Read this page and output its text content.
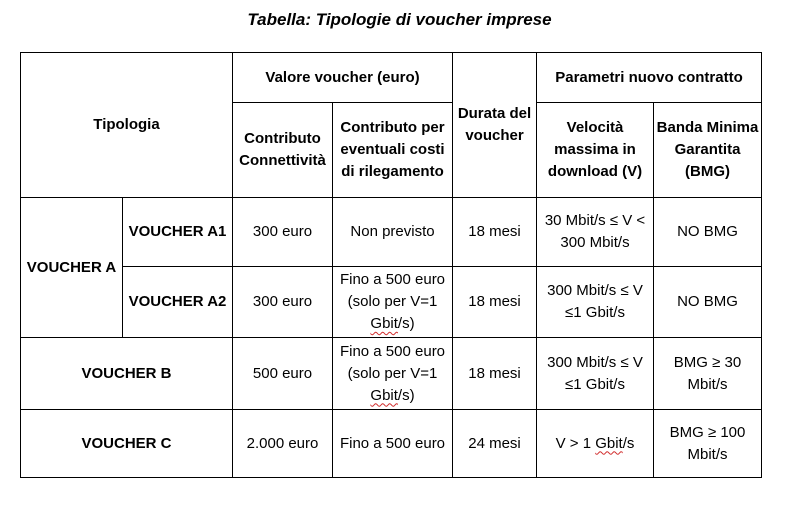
Tabella: Tipologie di voucher imprese
Tipologia		Valore voucher (euro)		Durata del voucher	Parametri nuovo contratto	
		Contributo Connettività	Contributo per eventuali costi di rilegamento		Velocità massima in download (V)	Banda Minima Garantita (BMG)
VOUCHER A	VOUCHER A1	300 euro	Non previsto	18 mesi	30 Mbit/s ≤ V < 300 Mbit/s	NO BMG
	VOUCHER A2	300 euro	Fino a 500 euro (solo per V=1 Gbit/s)	18 mesi	300 Mbit/s ≤ V ≤1 Gbit/s	NO BMG
VOUCHER B		500 euro	Fino a 500 euro (solo per V=1 Gbit/s)	18 mesi	300 Mbit/s ≤ V ≤1 Gbit/s	BMG ≥ 30 Mbit/s
VOUCHER C		2.000 euro	Fino a 500 euro	24 mesi	V > 1 Gbit/s	BMG ≥ 100 Mbit/s
